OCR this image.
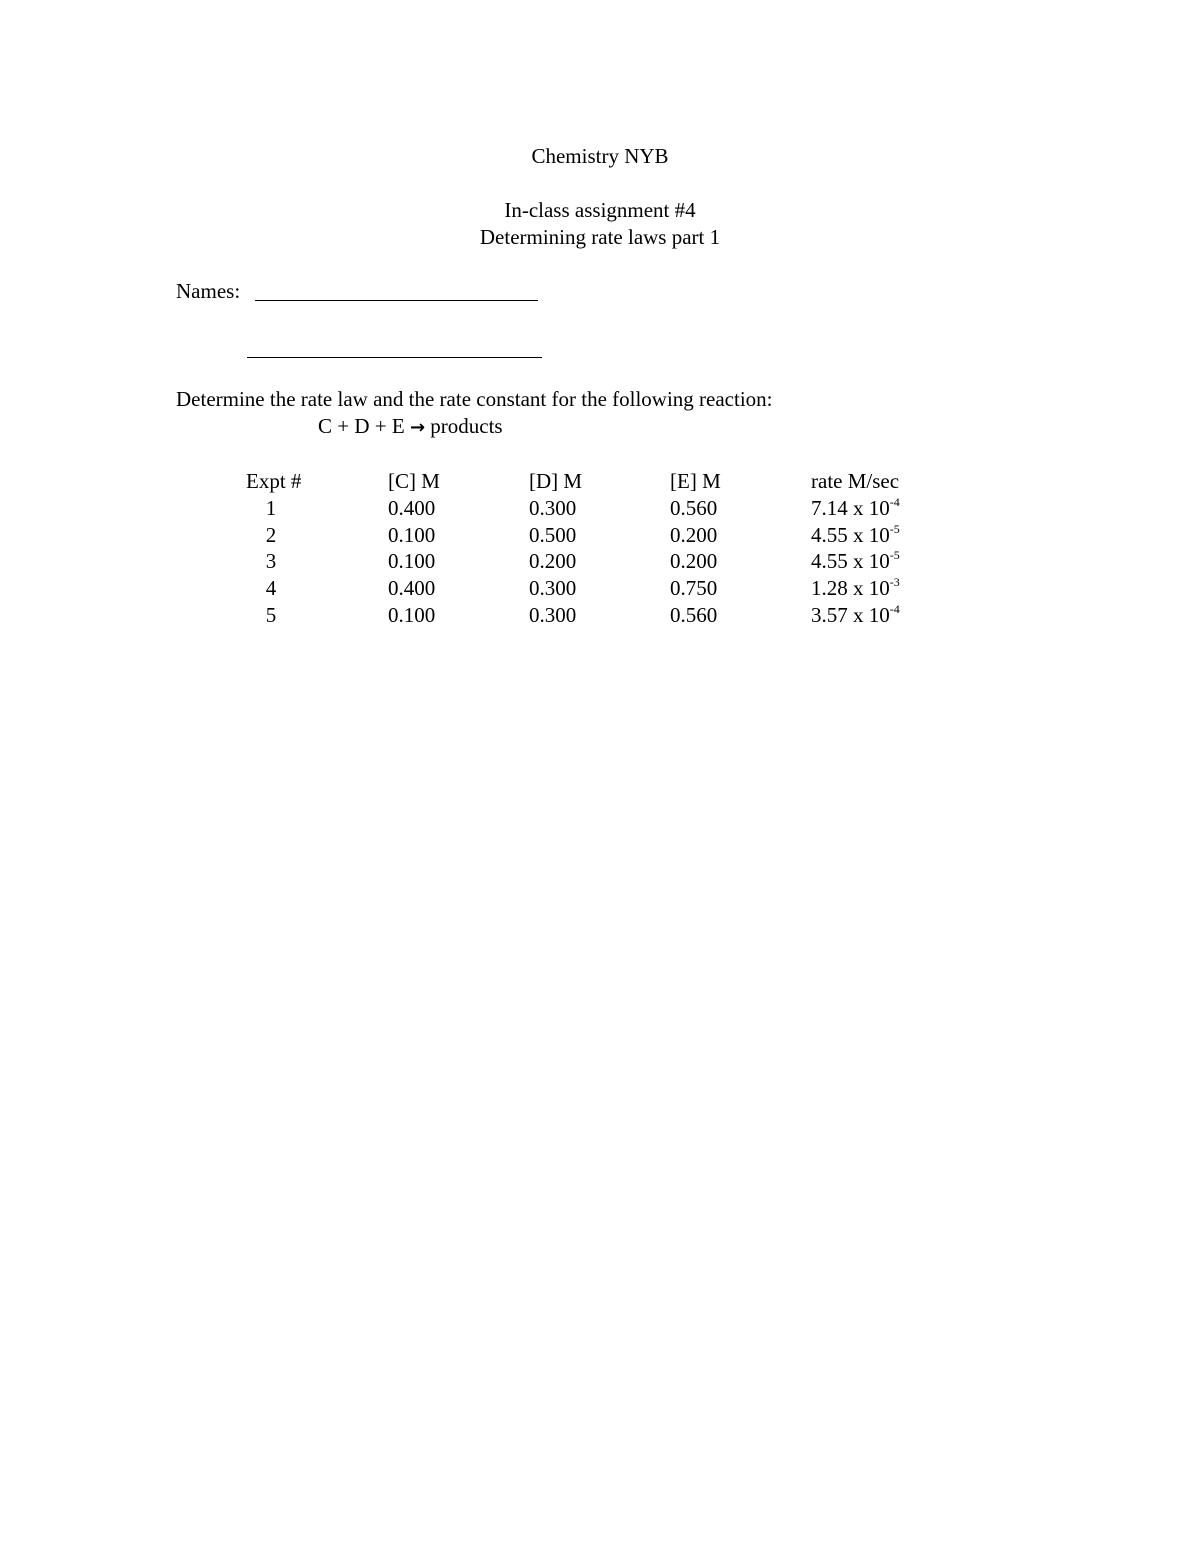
Chemistry NYB
In-class assignment #4
Determining rate laws part 1
Names:
Determine the rate law and the rate constant for the following reaction:
C + D + E → products
Expt #	[C] M	[D] M	[E] M	rate M/sec
1	0.400	0.300	0.560	7.14 x $10^{-4}$
2	0.100	0.500	0.200	4.55 x $10^{-5}$
3	0.100	0.200	0.200	4.55 x $10^{-5}$
4	0.400	0.300	0.750	1.28 x $10^{-3}$
5	0.100	0.300	0.560	3.57 x $10^{-4}$
